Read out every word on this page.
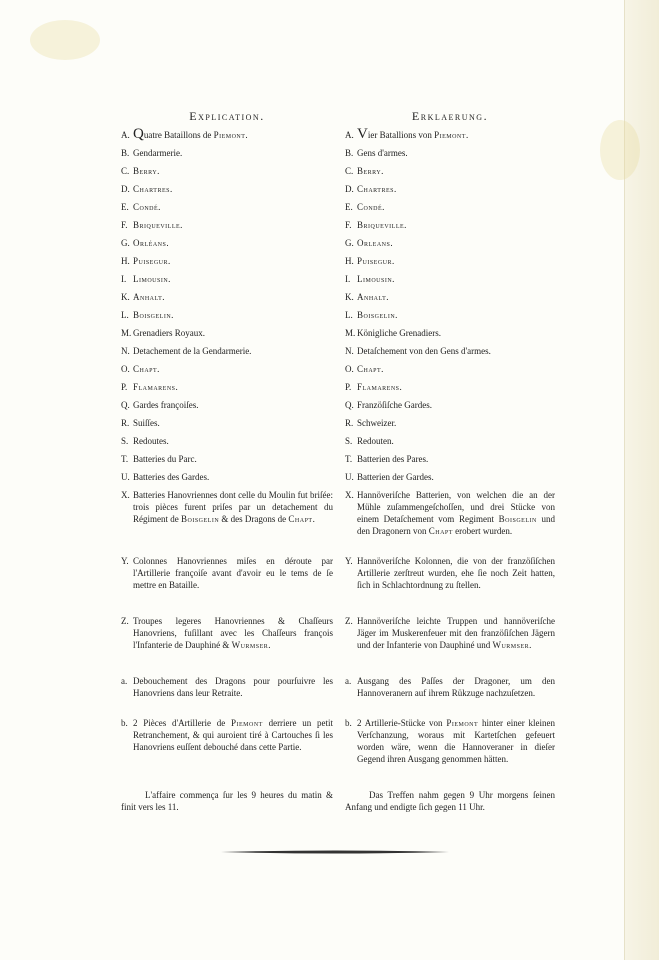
Explication.
A. Quatre Bataillons de Piemont.
B. Gendarmerie.
C. Berry.
D. Chartres.
E. Condé.
F. Briqueville.
G. Orléans.
H. Puisegur.
I. Limousin.
K. Anhalt.
L. Boisgelin.
M. Grenadiers Royaux.
N. Detachement de la Gendarmerie.
O. Chapt.
P. Flamarens.
Q. Gardes françoiſes.
R. Suiſſes.
S. Redoutes.
T. Batteries du Parc.
U. Batteries des Gardes.
X. Batteries Hanovriennes dont celle du Moulin fut briſée: trois pièces furent priſes par un detachement du Régiment de Boisgelin & des Dragons de Chapt.
Y. Colonnes Hanovriennes miſes en déroute par l'Artillerie françoiſe avant d'avoir eu le tems de ſe mettre en Bataille.
Z. Troupes legeres Hanovriennes & Chaſſeurs Hanovriens, fuſillant avec les Chaſſeurs françois l'Infanterie de Dauphiné & Wurmser.
a. Debouchement des Dragons pour pourſuivre les Hanovriens dans leur Retraite.
b. 2 Pièces d'Artillerie de Piemont derriere un petit Retranchement, & qui auroient tiré à Cartouches ſi les Hanovriens euſſent debouché dans cette Partie.
L'affaire commença ſur les 9 heures du matin & finit vers les 11.
Erklaerung.
A. Vier Batallions von Piemont.
B. Gens d'armes.
C. Berry.
D. Chartres.
E. Condé.
F. Briqueville.
G. Orleans.
H. Puisegur.
I. Limousin.
K. Anhalt.
L. Boisgelin.
M. Königliche Grenadiers.
N. Detaſchement von den Gens d'armes.
O. Chapt.
P. Flamarens.
Q. Franzöſiſche Gardes.
R. Schweizer.
S. Redouten.
T. Batterien des Pares.
U. Batterien der Gardes.
X. Hannöveriſche Batterien, von welchen die an der Mühle zuſammengeſchoſſen, und drei Stücke von einem Detaſchement vom Regiment Boisgelin und den Dragonern von Chapt erobert wurden.
Y. Hannöveriſche Kolonnen, die von der franzöſiſchen Artillerie zerſtreut wurden, ehe ſie noch Zeit hatten, ſich in Schlachtordnung zu ſtellen.
Z. Hannöveriſche leichte Truppen und hannöveriſche Jäger im Muskerenfeuer mit den franzöſiſchen Jägern und der Infanterie von Dauphiné und Wurmser.
a. Ausgang des Paſſes der Dragoner, um den Hannoveranern auf ihrem Rükzuge nachzuſetzen.
b. 2 Artillerie-Stücke von Piemont hinter einer kleinen Verſchanzung, woraus mit Kartetſchen gefeuert worden wäre, wenn die Hannoveraner in dieſer Gegend ihren Ausgang genommen hätten.
Das Treffen nahm gegen 9 Uhr morgens ſeinen Anfang und endigte ſich gegen 11 Uhr.
